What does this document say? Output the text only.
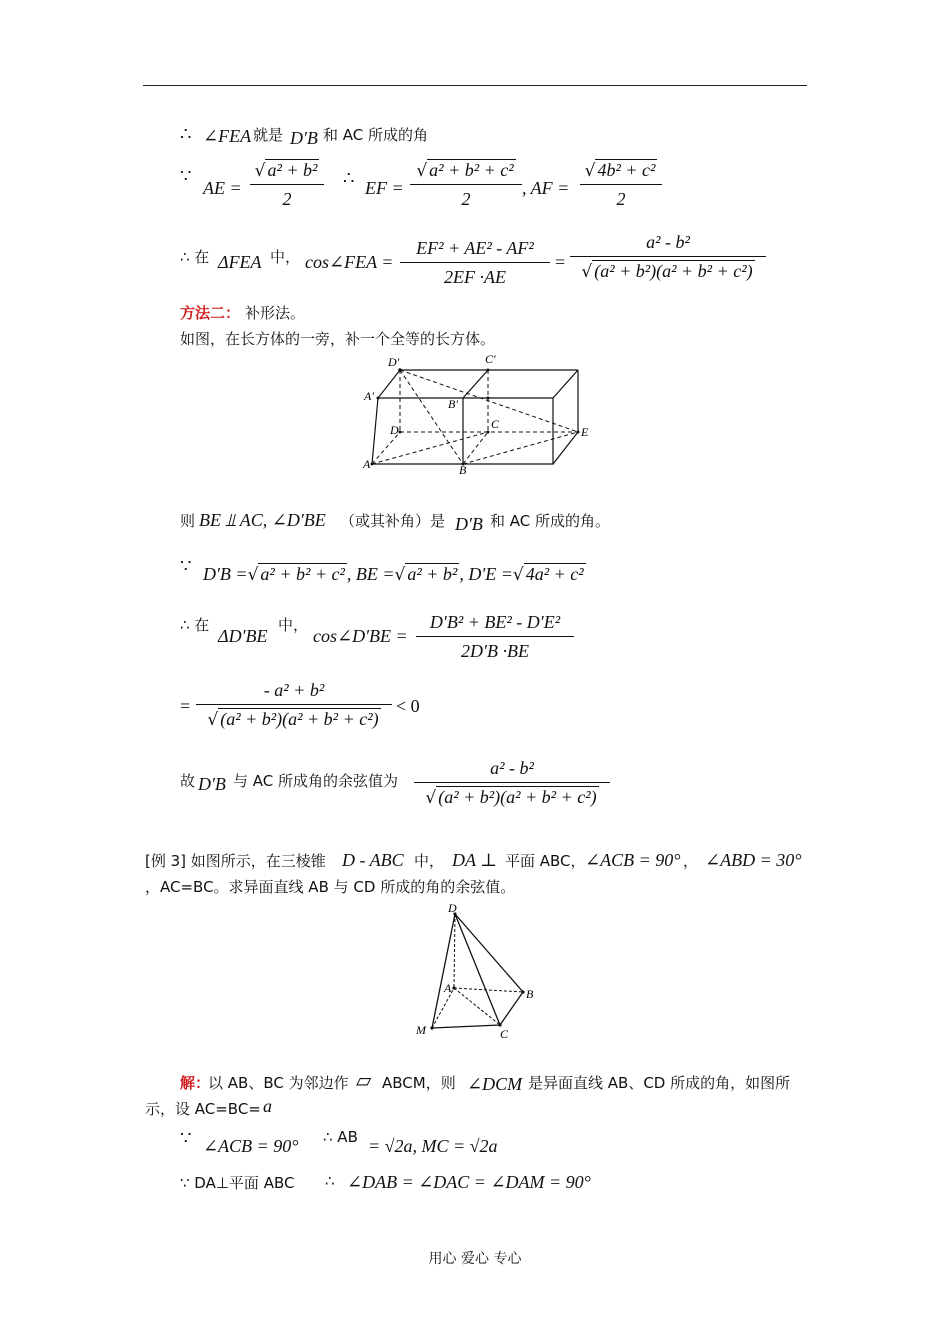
∴ ∠FEA 就是 D′B 和 AC 所成的角
∵
AE = $\frac{\text{√ a² + b²}}{2}$ ∴ EF = $\frac{\text{√ a² + b² + c²}}{2}$ , AF = $\frac{\text{√ 4b² + c²}}{2}$
∴ 在 ΔFEA 中， cos∠FEA = $\frac{\text{EF² + AE² - AF²}}{2EF \cdot AE} = \frac{\text{a² - b²}}{\text{√ (a² + b²)(a² + b² + c²)}}$
方法二： 补形法。
如图，在长方体的一旁，补一个全等的长方体。
D′	C′
A′
B′
D	C
E
A	B
则 BE ⫫ AC, ∠D′BE （或其补角）是 D′B 和 AC 所成的角。
∵ D′B =√ a² + b² + c² , BE =√ a² + b² , D′E =√ 4a² + c²
∴ 在
ΔD′BE
中，
cos∠D′BE = $\frac{\text{D′B² + BE² - D′E²}}{2D'B \cdot BE}$
= $\frac{\text{- a² + b²}}{\text{√ (a² + b²)(a² + b² + c²)}} < 0$
故 D′B 与 AC 所成角的余弦值为 $\frac{\text{a² - b²}}{\text{√ (a² + b²)(a² + b² + c²)}}$
[例 3] 如图所示，在三棱锥 D - ABC 中， DA ⊥ 平面 ABC， ∠ACB = 90° ， ∠ABD = 30°
，AC=BC。求异面直线 AB 与 CD 所成的角的余弦值。
D
A	B
M	C
解：
以 AB、BC 为邻边作 ▱ ABCM，则 ∠DCM 是异面直线 AB、CD 所成的角，如图所
示，设 AC=BC= a
∵ ∠ACB = 90° ∴ AB = √2a, MC = √2a
∵ DA⊥平面 ABC ∴ ∠DAB = ∠DAC = ∠DAM = 90°
用心 爱心 专心
